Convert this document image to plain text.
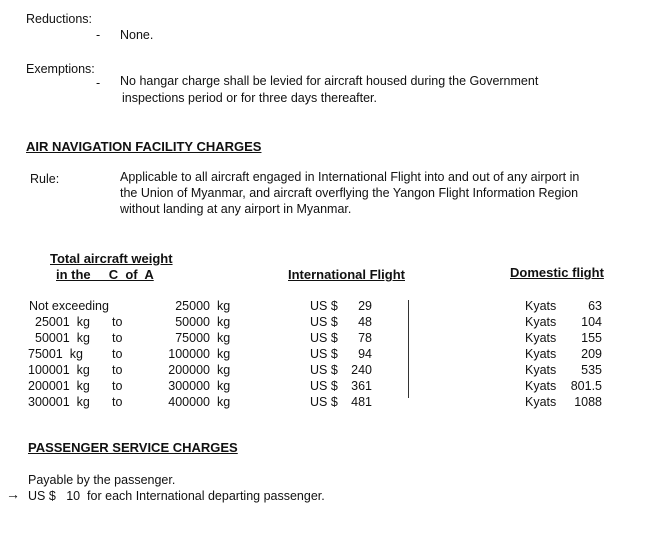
Reductions:
- None.
Exemptions:
- No hangar charge shall be levied for aircraft housed during the Government
inspections period or for three days thereafter.
AIR NAVIGATION FACILITY CHARGES
Rule:	Applicable to all aircraft engaged in International Flight into and out of any airport in
the Union of Myanmar, and aircraft overflying the Yangon Flight Information Region
without landing at any airport in Myanmar.
Total aircraft weight
in the     C  of  A	International Flight	Domestic flight
Not exceeding	25000 kg	US $	29	Kyats	63
25001  kg to	50000 kg	US $	48	Kyats	104
50001  kg to	75000 kg	US $	78	Kyats	155
75001  kg to	100000 kg	US $	94	Kyats	209
100001  kg to	200000 kg	US $	240	Kyats	535
200001  kg to	300000 kg	US $	361	Kyats	801.5
300001  kg to	400000 kg	US $	481	Kyats	1088
PASSENGER SERVICE CHARGES
Payable by the passenger.
→ US $   10  for each International departing passenger.
